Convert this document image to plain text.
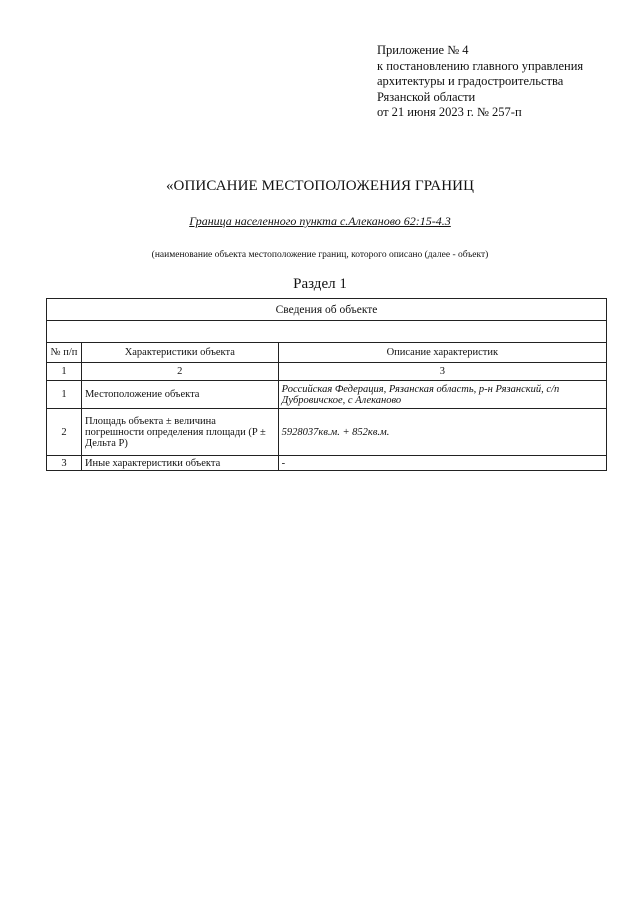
Приложение № 4
к постановлению главного управления
архитектуры и градостроительства
Рязанской области
от 21 июня 2023 г. № 257-п
«ОПИСАНИЕ МЕСТОПОЛОЖЕНИЯ ГРАНИЦ
Граница населенного пункта с.Алеканово 62:15-4.3
(наименование объекта местоположение границ, которого описано (далее - объект)
Раздел 1
Сведения об объекте		

№ п/п	Характеристики объекта	Описание характеристик
1	2	3
1	Местоположение объекта	Российская Федерация, Рязанская область, р-н Рязанский, с/п Дубровичское, с Алеканово
2	Площадь объекта ± величина погрешности определения площади (P ± Дельта P)	5928037кв.м. + 852кв.м.
3	Иные характеристики объекта	-
